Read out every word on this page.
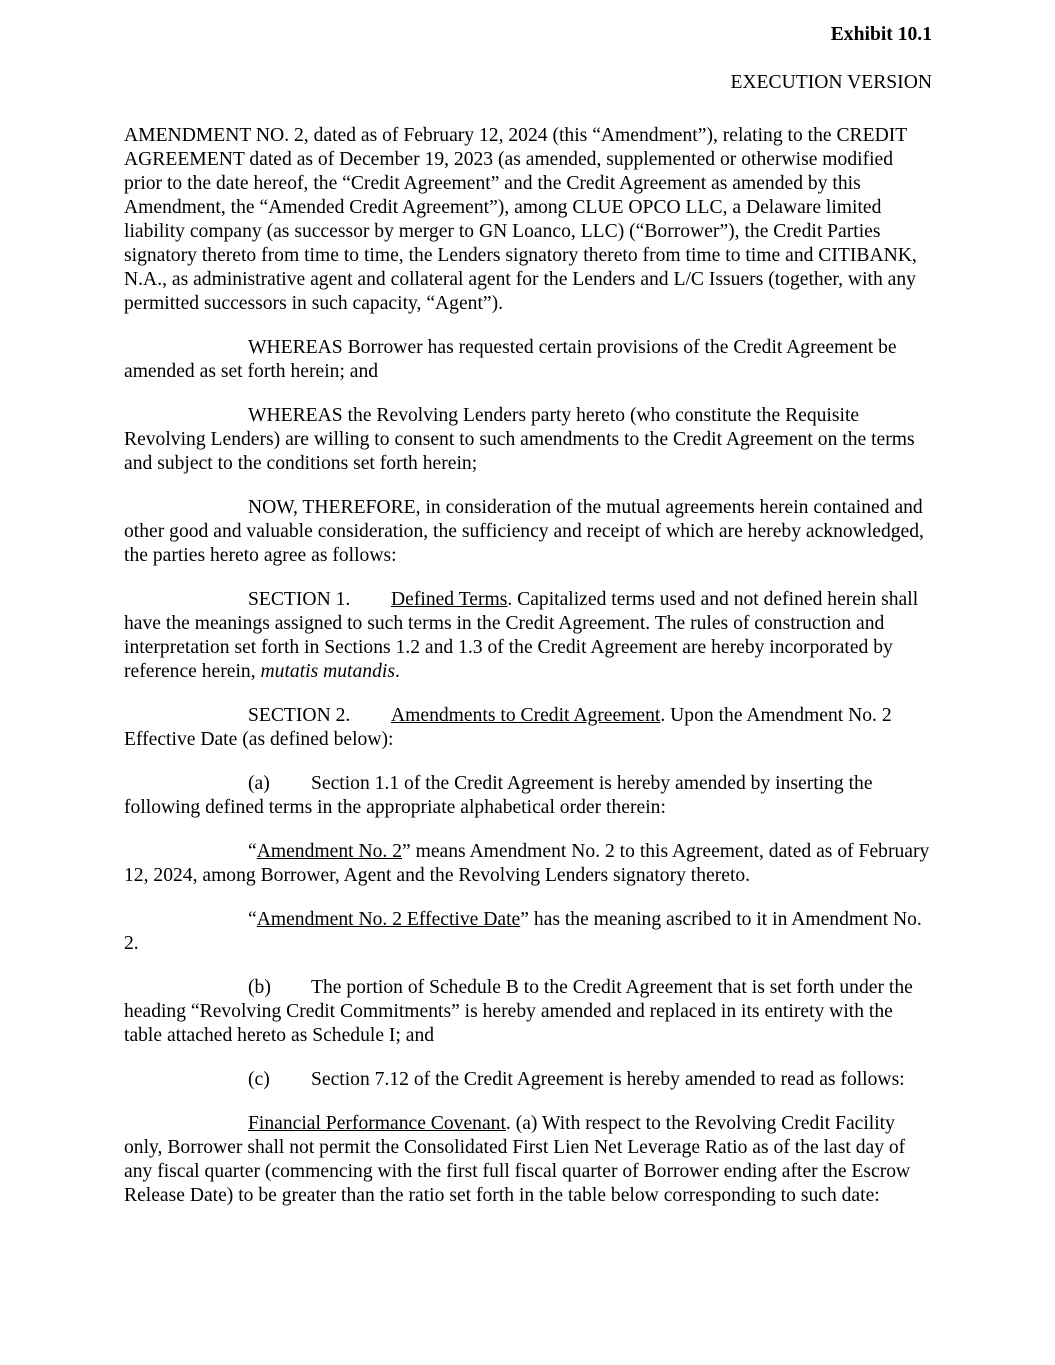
Exhibit 10.1
EXECUTION VERSION

AMENDMENT NO. 2, dated as of February 12, 2024 (this “Amendment”), relating to the CREDIT AGREEMENT dated as of December 19, 2023 (as amended, supplemented or otherwise modified prior to the date hereof, the “Credit Agreement” and the Credit Agreement as amended by this Amendment, the “Amended Credit Agreement”), among CLUE OPCO LLC, a Delaware limited liability company (as successor by merger to GN Loanco, LLC) (“Borrower”), the Credit Parties signatory thereto from time to time, the Lenders signatory thereto from time to time and CITIBANK, N.A., as administrative agent and collateral agent for the Lenders and L/C Issuers (together, with any permitted successors in such capacity, “Agent”).

WHEREAS Borrower has requested certain provisions of the Credit Agreement be amended as set forth herein; and

WHEREAS the Revolving Lenders party hereto (who constitute the Requisite Revolving Lenders) are willing to consent to such amendments to the Credit Agreement on the terms and subject to the conditions set forth herein;

NOW, THEREFORE, in consideration of the mutual agreements herein contained and other good and valuable consideration, the sufficiency and receipt of which are hereby acknowledged, the parties hereto agree as follows:

SECTION 1. Defined Terms. Capitalized terms used and not defined herein shall have the meanings assigned to such terms in the Credit Agreement. The rules of construction and interpretation set forth in Sections 1.2 and 1.3 of the Credit Agreement are hereby incorporated by reference herein, mutatis mutandis.

SECTION 2. Amendments to Credit Agreement. Upon the Amendment No. 2 Effective Date (as defined below):

(a) Section 1.1 of the Credit Agreement is hereby amended by inserting the following defined terms in the appropriate alphabetical order therein:

“Amendment No. 2” means Amendment No. 2 to this Agreement, dated as of February 12, 2024, among Borrower, Agent and the Revolving Lenders signatory thereto.

“Amendment No. 2 Effective Date” has the meaning ascribed to it in Amendment No. 2.

(b) The portion of Schedule B to the Credit Agreement that is set forth under the heading “Revolving Credit Commitments” is hereby amended and replaced in its entirety with the table attached hereto as Schedule I; and

(c) Section 7.12 of the Credit Agreement is hereby amended to read as follows:

Financial Performance Covenant. (a) With respect to the Revolving Credit Facility only, Borrower shall not permit the Consolidated First Lien Net Leverage Ratio as of the last day of any fiscal quarter (commencing with the first full fiscal quarter of Borrower ending after the Escrow Release Date) to be greater than the ratio set forth in the table below corresponding to such date:
